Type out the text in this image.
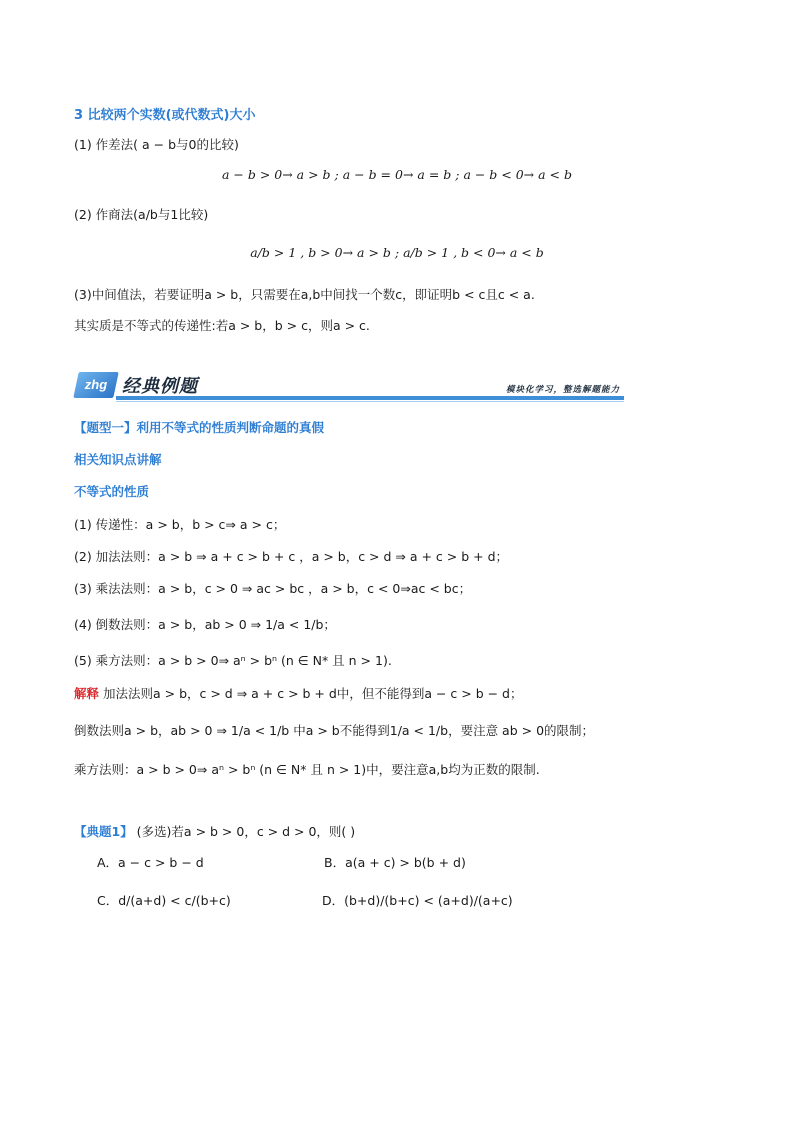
3 比较两个实数(或代数式)大小
(1) 作差法( a − b与0的比较)
a − b > 0→ a > b ; a − b = 0→ a = b ; a − b < 0→ a < b
(2) 作商法(a/b与1比较)
a/b > 1 , b > 0→ a > b ; a/b > 1 , b < 0→ a < b
(3)中间值法，若要证明a > b，只需要在a,b中间找一个数c，即证明b < c且c < a.
其实质是不等式的传递性:若a > b，b > c，则a > c.
zhg 经典例题	模块化学习，整选解题能力
【题型一】利用不等式的性质判断命题的真假
相关知识点讲解
不等式的性质
(1) 传递性：a > b，b > c⇒ a > c；
(2) 加法法则：a > b ⇒ a + c > b + c ，a > b，c > d ⇒ a + c > b + d；
(3) 乘法法则：a > b，c > 0 ⇒ ac > bc ，a > b，c < 0⇒ac < bc；
(4) 倒数法则：a > b，ab > 0 ⇒ 1/a < 1/b；
(5) 乘方法则：a > b > 0⇒ aⁿ > bⁿ (n ∈ N* 且 n > 1).
解释 加法法则a > b，c > d ⇒ a + c > b + d中，但不能得到a − c > b − d；
倒数法则a > b，ab > 0 ⇒ 1/a < 1/b 中a > b不能得到1/a < 1/b，要注意 ab > 0的限制；
乘方法则：a > b > 0⇒ aⁿ > bⁿ (n ∈ N* 且 n > 1)中，要注意a,b均为正数的限制.
【典题1】 (多选)若a > b > 0，c > d > 0，则( )
A．a − c > b − d	B．a(a + c) > b(b + d)
C．d/(a+d) < c/(b+c)	D．(b+d)/(b+c) < (a+d)/(a+c)
